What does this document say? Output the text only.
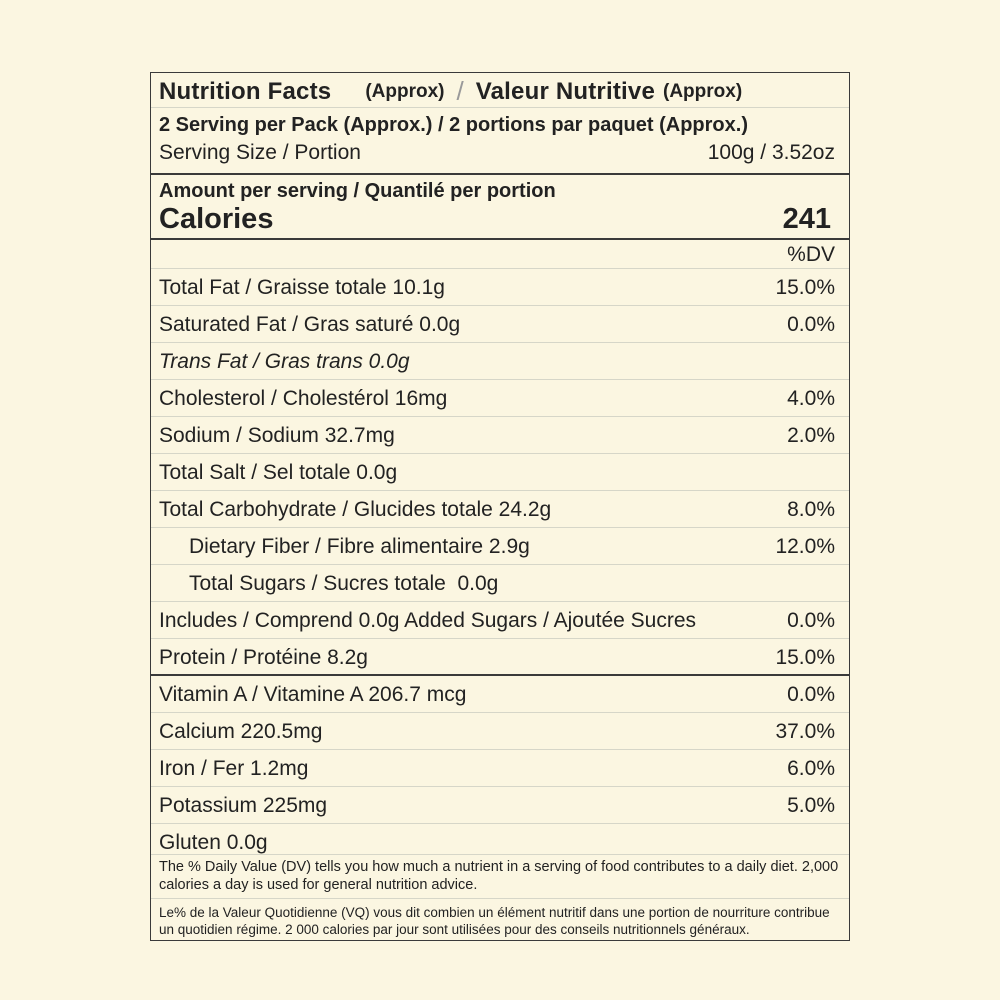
Nutrition Facts (Approx) / Valeur Nutritive (Approx)
2 Serving per Pack (Approx.) / 2 portions par paquet (Approx.)
Serving Size / Portion	100g / 3.52oz
Amount per serving / Quantilé per portion
Calories	241
%DV
Total Fat / Graisse totale 10.1g	15.0%
Saturated Fat / Gras saturé 0.0g	0.0%
Trans Fat / Gras trans 0.0g
Cholesterol / Cholestérol 16mg	4.0%
Sodium / Sodium 32.7mg	2.0%
Total Salt / Sel totale 0.0g
Total Carbohydrate / Glucides totale 24.2g	8.0%
Dietary Fiber / Fibre alimentaire 2.9g	12.0%
Total Sugars / Sucres totale  0.0g
Includes / Comprend 0.0g Added Sugars / Ajoutée Sucres	0.0%
Protein / Protéine 8.2g	15.0%
Vitamin A / Vitamine A 206.7 mcg	0.0%
Calcium 220.5mg	37.0%
Iron / Fer 1.2mg	6.0%
Potassium 225mg	5.0%
Gluten 0.0g
The % Daily Value (DV) tells you how much a nutrient in a serving of food contributes to a daily diet. 2,000 calories a day is used for general nutrition advice.
Le% de la Valeur Quotidienne (VQ) vous dit combien un élément nutritif dans une portion de nourriture contribue un quotidien régime. 2 000 calories par jour sont utilisées pour des conseils nutritionnels généraux.
